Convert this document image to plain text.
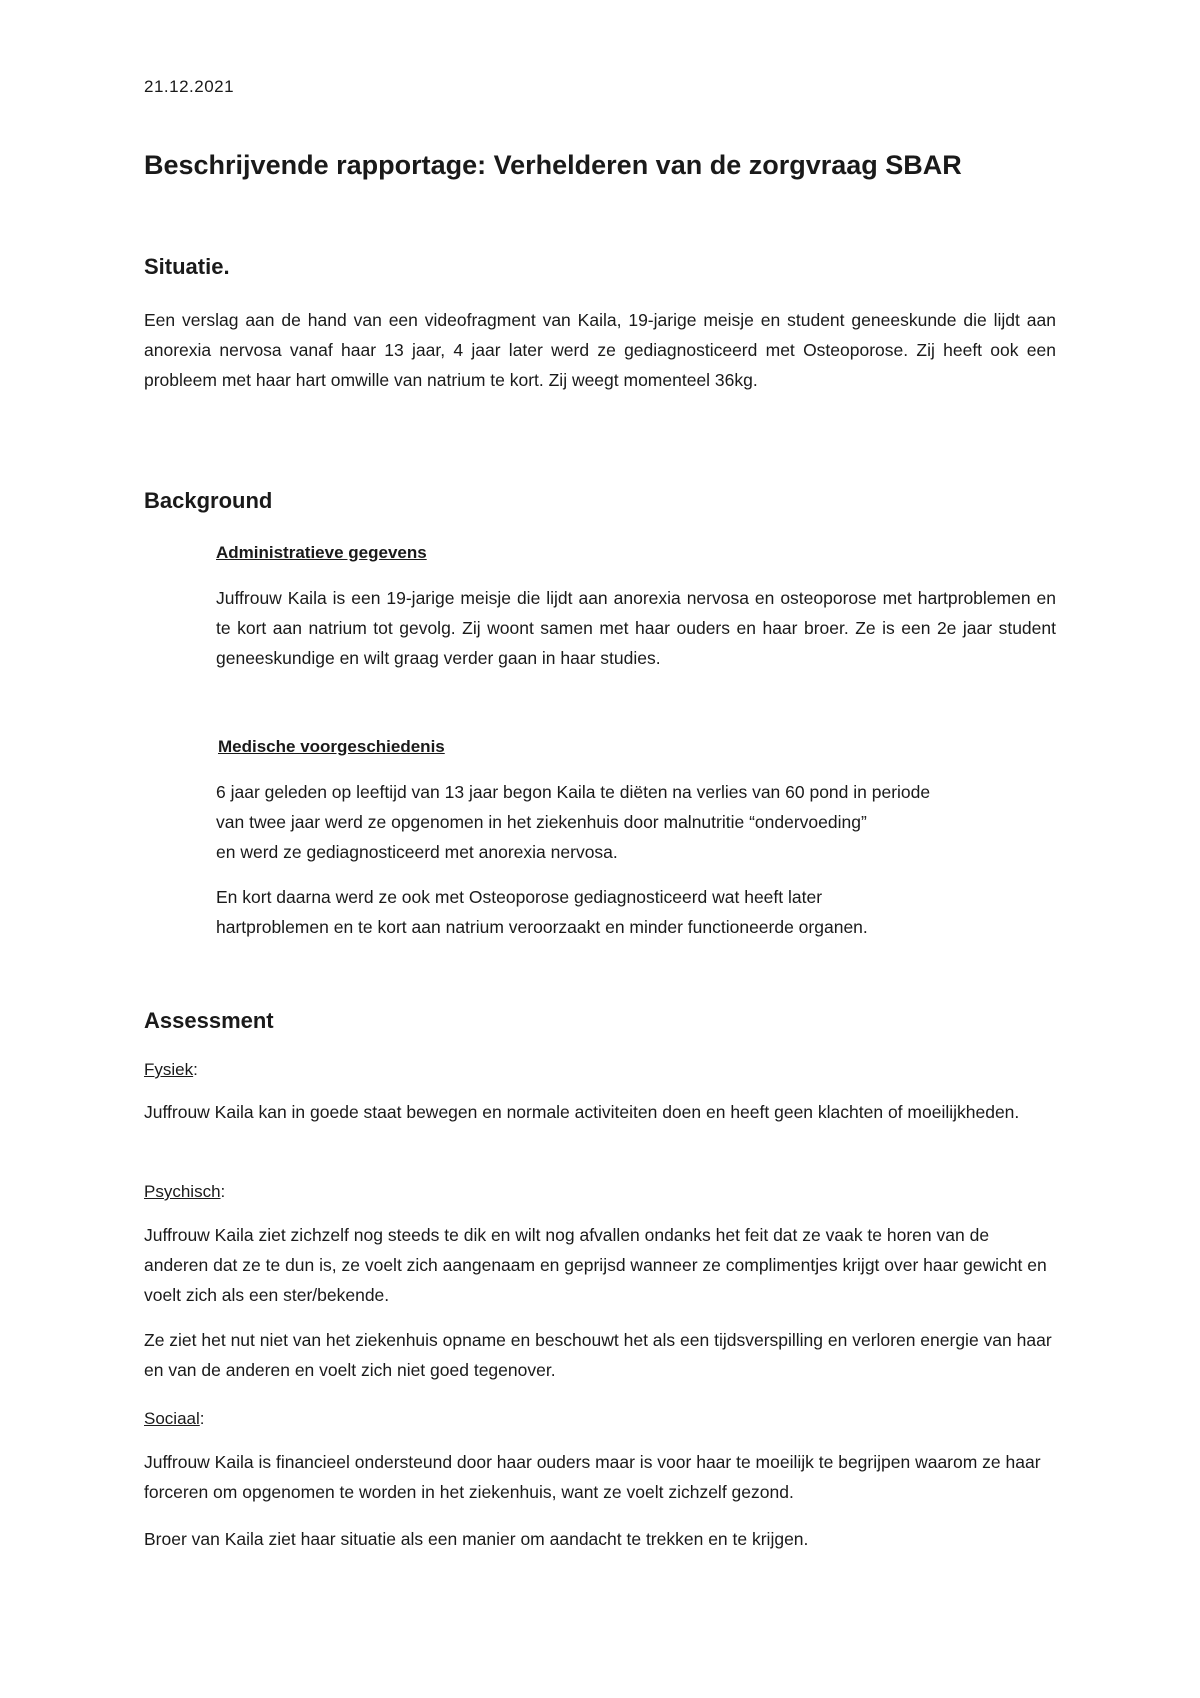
21.12.2021
Beschrijvende rapportage: Verhelderen van de zorgvraag SBAR
Situatie.

Een verslag aan de hand van een videofragment van Kaila, 19-jarige meisje en student geneeskunde die lijdt aan anorexia nervosa vanaf haar 13 jaar, 4 jaar later werd ze gediagnosticeerd met Osteoporose. Zij heeft ook een probleem met haar hart omwille van natrium te kort. Zij weegt momenteel 36kg.

Background
Administratieve gegevens

Juffrouw Kaila is een 19-jarige meisje die lijdt aan anorexia nervosa en osteoporose met hartproblemen en te kort aan natrium tot gevolg. Zij woont samen met haar ouders en haar broer. Ze is een 2e jaar student geneeskundige en wilt graag verder gaan in haar studies.

Medische voorgeschiedenis
6 jaar geleden op leeftijd van 13 jaar begon Kaila te diëten na verlies van 60 pond in periode
van twee jaar werd ze opgenomen in het ziekenhuis door malnutritie “ondervoeding”
en werd ze gediagnosticeerd met anorexia nervosa.
En kort daarna werd ze ook met Osteoporose gediagnosticeerd wat heeft later
hartproblemen en te kort aan natrium veroorzaakt en minder functioneerde organen.
Assessment
Fysiek:

Juffrouw Kaila kan in goede staat bewegen en normale activiteiten doen en heeft geen klachten of moeilijkheden.

Psychisch:

Juffrouw Kaila ziet zichzelf nog steeds te dik en wilt nog afvallen ondanks het feit dat ze vaak te horen van de anderen dat ze te dun is, ze voelt zich aangenaam en geprijsd wanneer ze complimentjes krijgt over haar gewicht en voelt zich als een ster/bekende.

Ze ziet het nut niet van het ziekenhuis opname en beschouwt het als een tijdsverspilling en verloren energie van haar en van de anderen en voelt zich niet goed tegenover.

Sociaal:

Juffrouw Kaila is financieel ondersteund door haar ouders maar is voor haar te moeilijk te begrijpen waarom ze haar forceren om opgenomen te worden in het ziekenhuis, want ze voelt zichzelf gezond.

Broer van Kaila ziet haar situatie als een manier om aandacht te trekken en te krijgen.
